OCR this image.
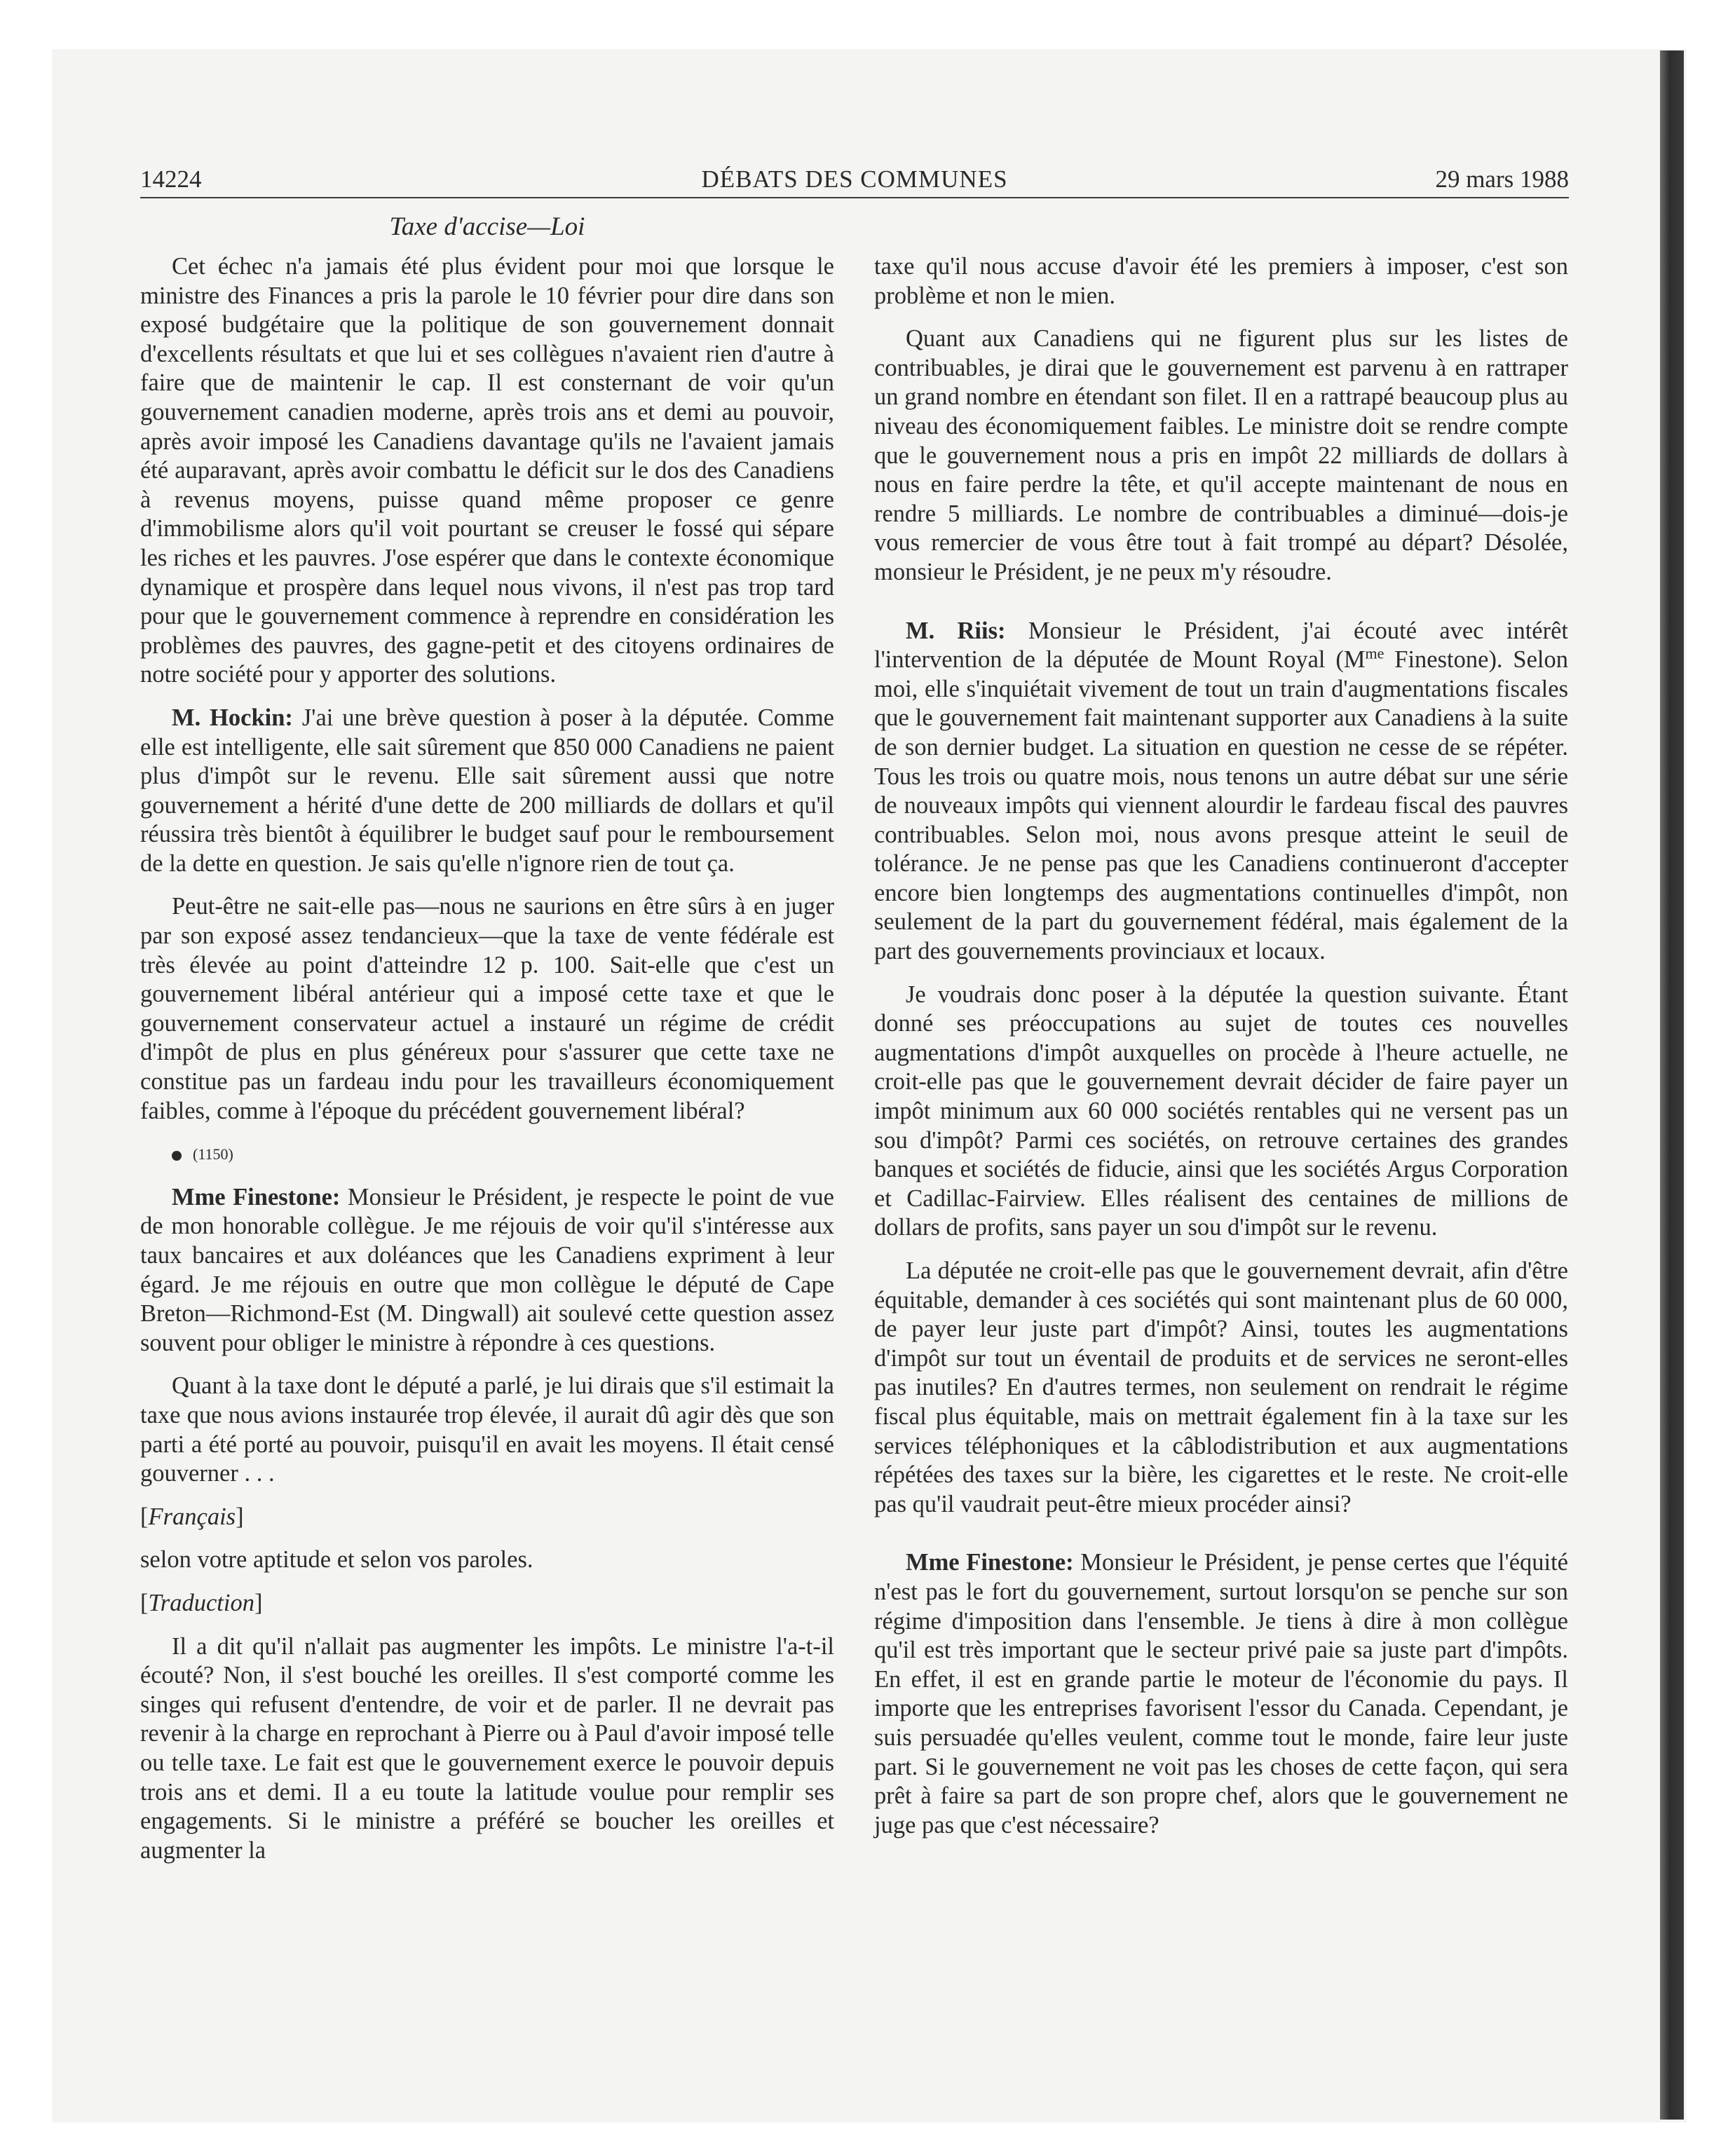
14224	DÉBATS DES COMMUNES	29 mars 1988
Taxe d'accise—Loi

Cet échec n'a jamais été plus évident pour moi que lorsque le ministre des Finances a pris la parole le 10 février pour dire dans son exposé budgétaire que la politique de son gouvernement donnait d'excellents résultats et que lui et ses collègues n'avaient rien d'autre à faire que de maintenir le cap. Il est consternant de voir qu'un gouvernement canadien moderne, après trois ans et demi au pouvoir, après avoir imposé les Canadiens davantage qu'ils ne l'avaient jamais été auparavant, après avoir combattu le déficit sur le dos des Canadiens à revenus moyens, puisse quand même proposer ce genre d'immobilisme alors qu'il voit pourtant se creuser le fossé qui sépare les riches et les pauvres. J'ose espérer que dans le contexte économique dynamique et prospère dans lequel nous vivons, il n'est pas trop tard pour que le gouvernement commence à reprendre en considération les problèmes des pauvres, des gagne-petit et des citoyens ordinaires de notre société pour y apporter des solutions.

M. Hockin: J'ai une brève question à poser à la députée. Comme elle est intelligente, elle sait sûrement que 850 000 Canadiens ne paient plus d'impôt sur le revenu. Elle sait sûrement aussi que notre gouvernement a hérité d'une dette de 200 milliards de dollars et qu'il réussira très bientôt à équilibrer le budget sauf pour le remboursement de la dette en question. Je sais qu'elle n'ignore rien de tout ça.

Peut-être ne sait-elle pas—nous ne saurions en être sûrs à en juger par son exposé assez tendancieux—que la taxe de vente fédérale est très élevée au point d'atteindre 12 p. 100. Sait-elle que c'est un gouvernement libéral antérieur qui a imposé cette taxe et que le gouvernement conservateur actuel a instauré un régime de crédit d'impôt de plus en plus généreux pour s'assurer que cette taxe ne constitue pas un fardeau indu pour les travailleurs économiquement faibles, comme à l'époque du précédent gouvernement libéral?

(1150)

Mme Finestone: Monsieur le Président, je respecte le point de vue de mon honorable collègue. Je me réjouis de voir qu'il s'intéresse aux taux bancaires et aux doléances que les Canadiens expriment à leur égard. Je me réjouis en outre que mon collègue le député de Cape Breton—Richmond-Est (M. Dingwall) ait soulevé cette question assez souvent pour obliger le ministre à répondre à ces questions.

Quant à la taxe dont le député a parlé, je lui dirais que s'il estimait la taxe que nous avions instaurée trop élevée, il aurait dû agir dès que son parti a été porté au pouvoir, puisqu'il en avait les moyens. Il était censé gouverner . . .

[Français]

selon votre aptitude et selon vos paroles.

[Traduction]

Il a dit qu'il n'allait pas augmenter les impôts. Le ministre l'a-t-il écouté? Non, il s'est bouché les oreilles. Il s'est comporté comme les singes qui refusent d'entendre, de voir et de parler. Il ne devrait pas revenir à la charge en reprochant à Pierre ou à Paul d'avoir imposé telle ou telle taxe. Le fait est que le gouvernement exerce le pouvoir depuis trois ans et demi. Il a eu toute la latitude voulue pour remplir ses engagements. Si le ministre a préféré se boucher les oreilles et augmenter la

taxe qu'il nous accuse d'avoir été les premiers à imposer, c'est son problème et non le mien.

Quant aux Canadiens qui ne figurent plus sur les listes de contribuables, je dirai que le gouvernement est parvenu à en rattraper un grand nombre en étendant son filet. Il en a rattrapé beaucoup plus au niveau des économiquement faibles. Le ministre doit se rendre compte que le gouvernement nous a pris en impôt 22 milliards de dollars à nous en faire perdre la tête, et qu'il accepte maintenant de nous en rendre 5 milliards. Le nombre de contribuables a diminué—dois-je vous remercier de vous être tout à fait trompé au départ? Désolée, monsieur le Président, je ne peux m'y résoudre.

M. Riis: Monsieur le Président, j'ai écouté avec intérêt l'intervention de la députée de Mount Royal ($M^{me}$ Finestone). Selon moi, elle s'inquiétait vivement de tout un train d'augmentations fiscales que le gouvernement fait maintenant supporter aux Canadiens à la suite de son dernier budget. La situation en question ne cesse de se répéter. Tous les trois ou quatre mois, nous tenons un autre débat sur une série de nouveaux impôts qui viennent alourdir le fardeau fiscal des pauvres contribuables. Selon moi, nous avons presque atteint le seuil de tolérance. Je ne pense pas que les Canadiens continueront d'accepter encore bien longtemps des augmentations continuelles d'impôt, non seulement de la part du gouvernement fédéral, mais également de la part des gouvernements provinciaux et locaux.

Je voudrais donc poser à la députée la question suivante. Étant donné ses préoccupations au sujet de toutes ces nouvelles augmentations d'impôt auxquelles on procède à l'heure actuelle, ne croit-elle pas que le gouvernement devrait décider de faire payer un impôt minimum aux 60 000 sociétés rentables qui ne versent pas un sou d'impôt? Parmi ces sociétés, on retrouve certaines des grandes banques et sociétés de fiducie, ainsi que les sociétés Argus Corporation et Cadillac-Fairview. Elles réalisent des centaines de millions de dollars de profits, sans payer un sou d'impôt sur le revenu.

La députée ne croit-elle pas que le gouvernement devrait, afin d'être équitable, demander à ces sociétés qui sont maintenant plus de 60 000, de payer leur juste part d'impôt? Ainsi, toutes les augmentations d'impôt sur tout un éventail de produits et de services ne seront-elles pas inutiles? En d'autres termes, non seulement on rendrait le régime fiscal plus équitable, mais on mettrait également fin à la taxe sur les services téléphoniques et la câblodistribution et aux augmentations répétées des taxes sur la bière, les cigarettes et le reste. Ne croit-elle pas qu'il vaudrait peut-être mieux procéder ainsi?

Mme Finestone: Monsieur le Président, je pense certes que l'équité n'est pas le fort du gouvernement, surtout lorsqu'on se penche sur son régime d'imposition dans l'ensemble. Je tiens à dire à mon collègue qu'il est très important que le secteur privé paie sa juste part d'impôts. En effet, il est en grande partie le moteur de l'économie du pays. Il importe que les entreprises favorisent l'essor du Canada. Cependant, je suis persuadée qu'elles veulent, comme tout le monde, faire leur juste part. Si le gouvernement ne voit pas les choses de cette façon, qui sera prêt à faire sa part de son propre chef, alors que le gouvernement ne juge pas que c'est nécessaire?
